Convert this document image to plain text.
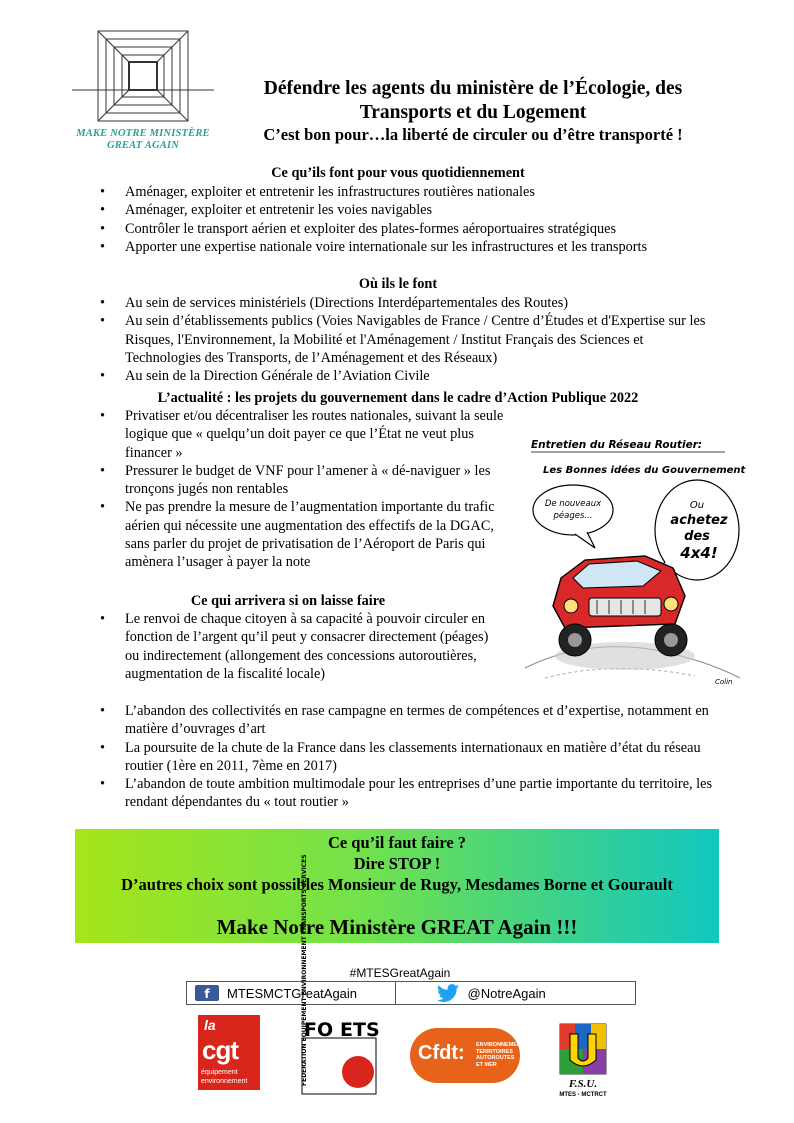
MAKE NOTRE MINISTÈRE
GREAT AGAIN
Défendre les agents du ministère de l’Écologie, des
Transports et du Logement
C’est bon pour…la liberté de circuler ou d’être transporté !
Ce qu’ils font pour vous quotidiennement
• Aménager, exploiter et entretenir les infrastructures routières nationales
• Aménager, exploiter et entretenir les voies navigables
• Contrôler le transport aérien et exploiter des plates-formes aéroportuaires stratégiques
• Apporter une expertise nationale voire internationale sur les infrastructures et les transports
Où ils le font
• Au sein de services ministériels (Directions Interdépartementales des Routes)
• Au sein d’établissements publics (Voies Navigables de France / Centre d’Études et d'Expertise sur les Risques, l'Environnement, la Mobilité et l'Aménagement / Institut Français des Sciences et Technologies des Transports, de l’Aménagement et des Réseaux)
• Au sein de la Direction Générale de l’Aviation Civile
L’actualité : les projets du gouvernement dans le cadre d’Action Publique 2022
• Privatiser et/ou décentraliser les routes nationales, suivant la seule logique que « quelqu’un doit payer ce que l’État ne veut plus financer »
• Pressurer le budget de VNF pour l’amener à « dé-naviguer » les tronçons jugés non rentables
• Ne pas prendre la mesure de l’augmentation importante du trafic aérien qui nécessite une augmentation des effectifs de la DGAC, sans parler du projet de privatisation de l’Aéroport de Paris qui amènera l’usager à payer la note
Ce qui arrivera si on laisse faire
• Le renvoi de chaque citoyen à sa capacité à pouvoir circuler en fonction de l’argent qu’il peut y consacrer directement (péages) ou indirectement (allongement des concessions autoroutières, augmentation de la fiscalité locale)
• L’abandon des collectivités en rase campagne en termes de compétences et d’expertise, notamment en matière d’ouvrages d’art
• La poursuite de la chute de la France dans les classements internationaux en matière d’état du réseau routier (1ère en 2011, 7ème en 2017)
• L’abandon de toute ambition multimodale pour les entreprises d’une partie importante du territoire, les rendant dépendantes du « tout routier »
Entretien du Réseau Routier:
Les Bonnes idées du Gouvernement
De nouveaux
péages...
Ou
achetez
des
4x4!
Colin
Ce qu’il faut faire ?
Dire STOP !
D’autres choix sont possibles Monsieur de Rugy, Mesdames Borne et Gourault
Make Notre Ministère GREAT Again !!!
#MTESGreatAgain
f MTESMCTGreatAgain	@NotreAgain
la
cgt
équipement
environnement
FO ETS
FEDERATION EQUIPEMENT ENVIRONNEMENT TRANSPORTS SERVICES	Cfdt: ENVIRONNEMENT
TERRITOIRES
AUTOROUTES
ET MER
F.S.U.
MTES - MCTRCT
